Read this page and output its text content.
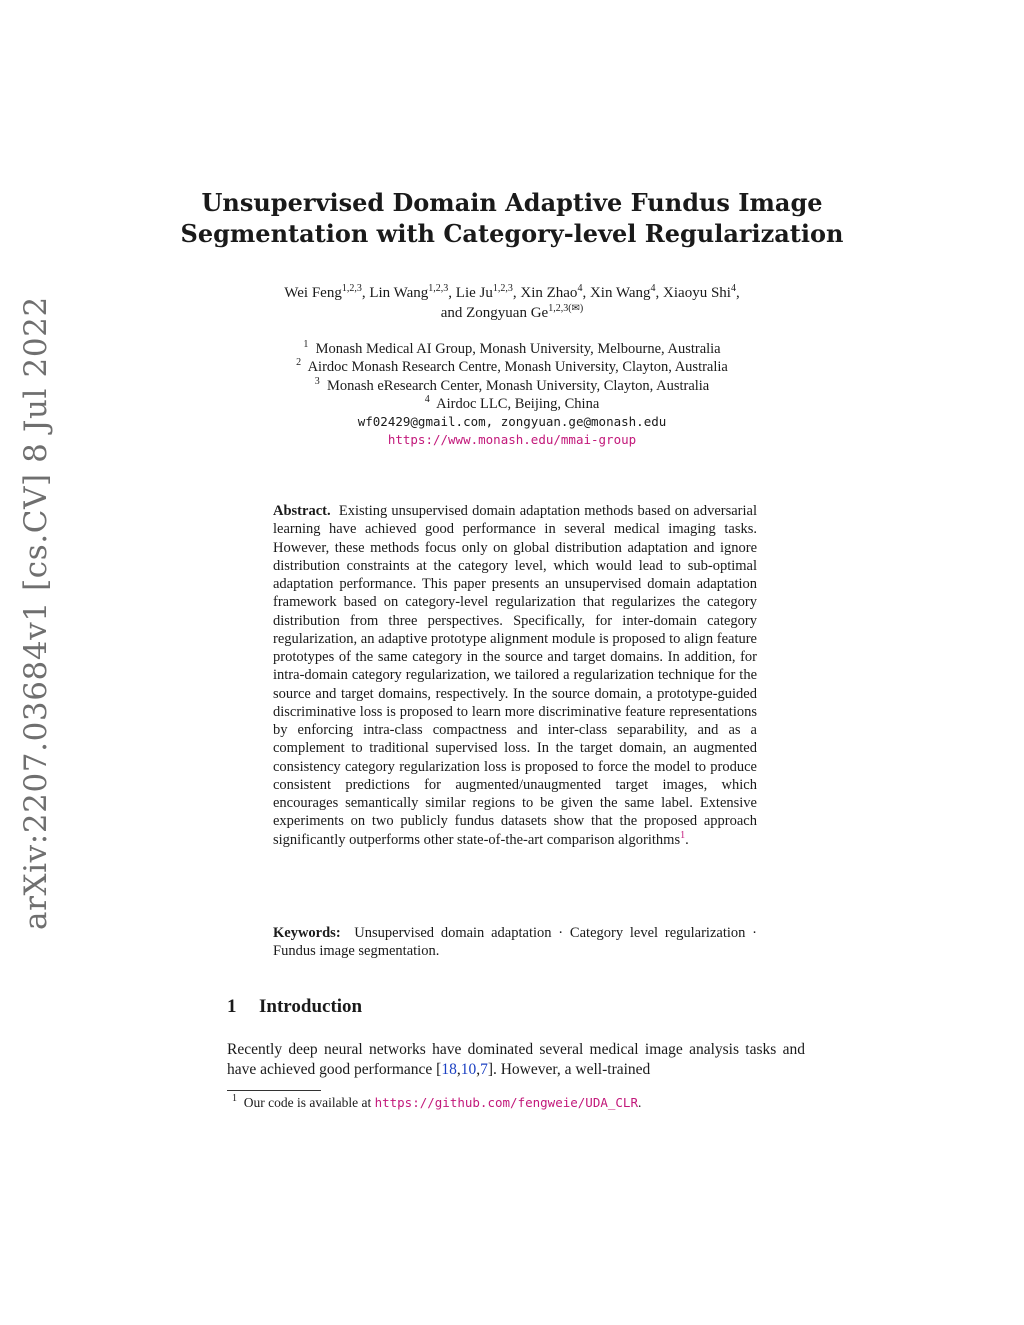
arXiv:2207.03684v1 [cs.CV] 8 Jul 2022
Unsupervised Domain Adaptive Fundus Image
Segmentation with Category-level Regularization
Wei Feng$^{1,2,3}$, Lin Wang$^{1,2,3}$, Lie Ju$^{1,2,3}$, Xin Zhao$^4$, Xin Wang$^4$, Xiaoyu Shi$^4$,
and Zongyuan $Ge^{1,2,3(✉)}$
$^1$ Monash Medical AI Group, Monash University, Melbourne, Australia
$^2$ Airdoc Monash Research Centre, Monash University, Clayton, Australia
$^3$ Monash eResearch Center, Monash University, Clayton, Australia
$^4$ Airdoc LLC, Beijing, China
wf02429@gmail.com, zongyuan.ge@monash.edu
https://www.monash.edu/mmai-group
Abstract. Existing unsupervised domain adaptation methods based on adversarial learning have achieved good performance in several medical imaging tasks. However, these methods focus only on global distribution adaptation and ignore distribution constraints at the category level, which would lead to sub-optimal adaptation performance. This paper presents an unsupervised domain adaptation framework based on category-level regularization that regularizes the category distribution from three perspectives. Specifically, for inter-domain category regularization, an adaptive prototype alignment module is proposed to align feature prototypes of the same category in the source and target domains. In addition, for intra-domain category regularization, we tailored a regularization technique for the source and target domains, respectively. In the source domain, a prototype-guided discriminative loss is proposed to learn more discriminative feature representations by enforcing intra-class compactness and inter-class separability, and as a complement to traditional supervised loss. In the target domain, an augmented consistency category regularization loss is proposed to force the model to produce consistent predictions for augmented/unaugmented target images, which encourages semantically similar regions to be given the same label. Extensive experiments on two publicly fundus datasets show that the proposed approach significantly outperforms other state-of-the-art comparison algorithms$^1$.
Keywords: Unsupervised domain adaptation · Category level regularization · Fundus image segmentation.
1 Introduction
Recently deep neural networks have dominated several medical image analysis tasks and have achieved good performance [18,10,7]. However, a well-trained
$^1$ Our code is available at https://github.com/fengweie/UDA_CLR.
